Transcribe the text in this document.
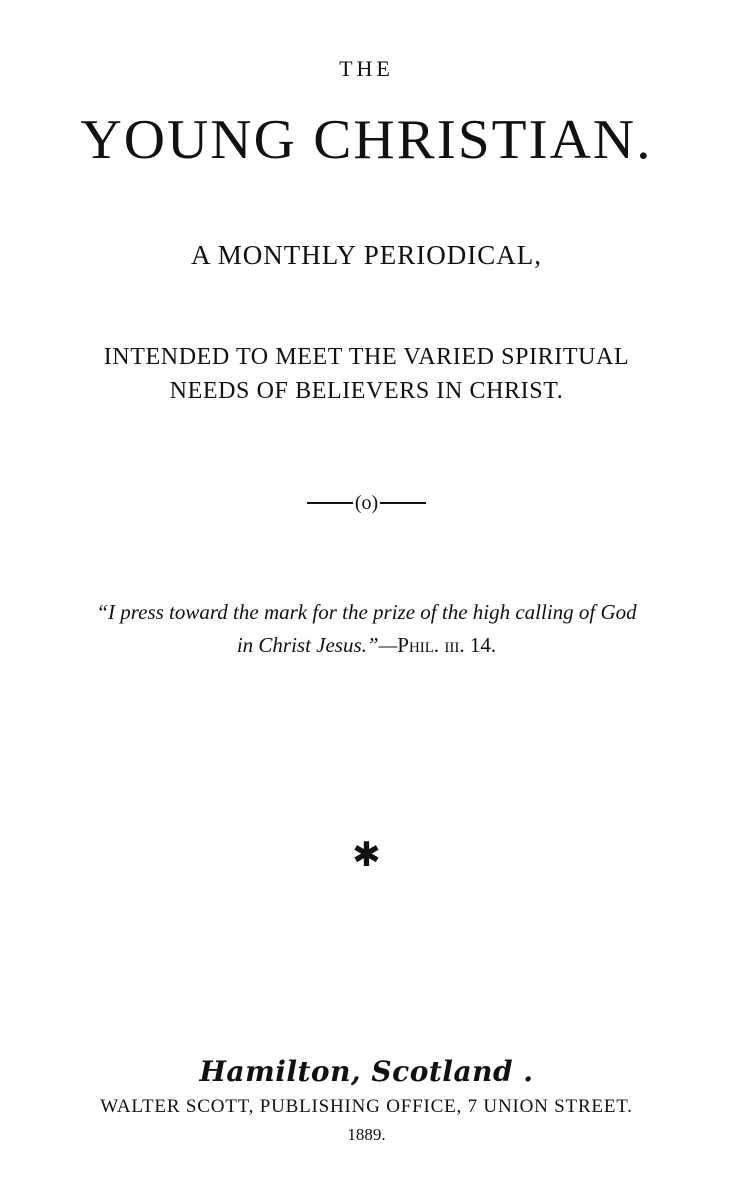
THE
YOUNG CHRISTIAN.
A MONTHLY PERIODICAL,
INTENDED TO MEET THE VARIED SPIRITUAL
NEEDS OF BELIEVERS IN CHRIST.
(o)
“I press toward the mark for the prize of the high calling of God
in Christ Jesus.”—Phil. iii. 14.
✱
Hamilton, Scotland .
WALTER SCOTT, PUBLISHING OFFICE, 7 UNION STREET.
1889.
